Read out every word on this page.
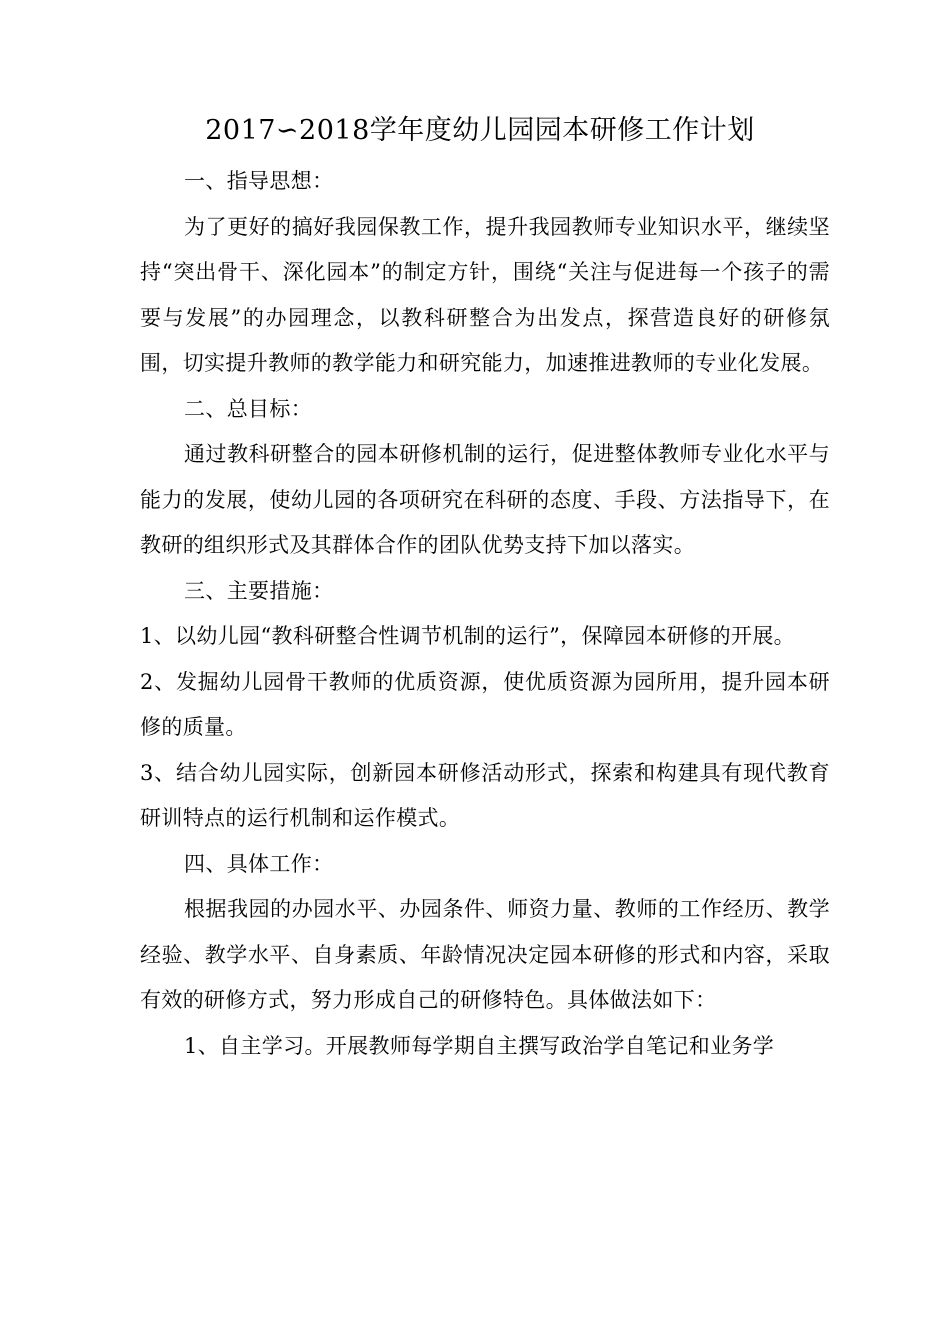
2017∽2018学年度幼儿园园本研修工作计划

一、指导思想：

为了更好的搞好我园保教工作，提升我园教师专业知识水平，继续坚持“突出骨干、深化园本”的制定方针，围绕“关注与促进每一个孩子的需要与发展”的办园理念，以教科研整合为出发点，探营造良好的研修氛围，切实提升教师的教学能力和研究能力，加速推进教师的专业化发展。

二、总目标：

通过教科研整合的园本研修机制的运行，促进整体教师专业化水平与能力的发展，使幼儿园的各项研究在科研的态度、手段、方法指导下，在教研的组织形式及其群体合作的团队优势支持下加以落实。

三、主要措施：

1、以幼儿园“教科研整合性调节机制的运行”，保障园本研修的开展。

2、发掘幼儿园骨干教师的优质资源，使优质资源为园所用，提升园本研修的质量。

3、结合幼儿园实际，创新园本研修活动形式，探索和构建具有现代教育研训特点的运行机制和运作模式。

四、具体工作：

根据我园的办园水平、办园条件、师资力量、教师的工作经历、教学经验、教学水平、自身素质、年龄情况决定园本研修的形式和内容，采取有效的研修方式，努力形成自己的研修特色。具体做法如下：

1、自主学习。开展教师每学期自主撰写政治学自笔记和业务学
